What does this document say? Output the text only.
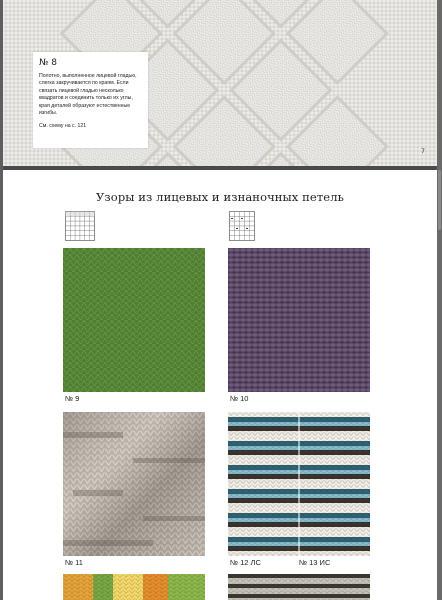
№ 8
Полотно, выполненное лицевой гладью, слегка закручивается по краям. Если связать лицевой гладью несколько квадратов и соединить только их углы, края деталей образуют естественные изгибы.
См. схему на с. 121
7
Узоры из лицевых и изнаночных петель
№ 9	№ 10
№ 11	№ 12 ЛС	№ 13 ИС
